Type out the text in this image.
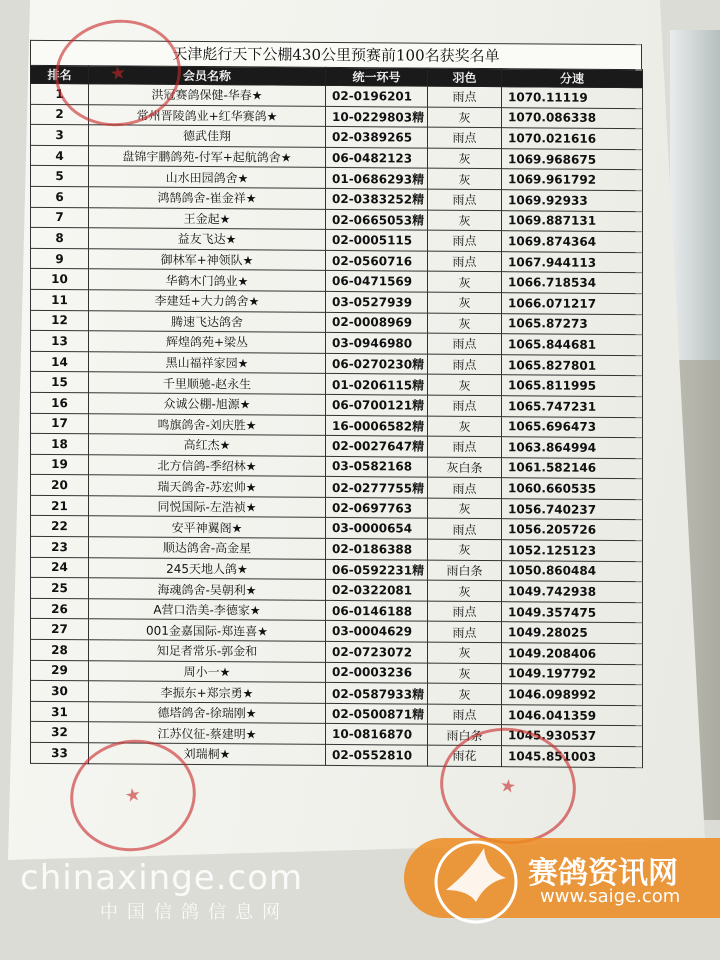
天津彪行天下公棚430公里预赛前100名获奖名单
排名	会员名称	统一环号	羽色	分速
1	洪冠赛鸽保健-华春★	02-0196201	雨点	1070.11119
2	常州晋陵鸽业+红华赛鸽★	10-0229803精	灰	1070.086338
3	德武佳翔	02-0389265	雨点	1070.021616
4	盘锦宇鹏鸽苑-付军+起航鸽舍★	06-0482123	灰	1069.968675
5	山水田园鸽舍★	01-0686293精	灰	1069.961792
6	鸿鹄鸽舍-崔金祥★	02-0383252精	雨点	1069.92933
7	王金起★	02-0665053精	灰	1069.887131
8	益友飞达★	02-0005115	雨点	1069.874364
9	御林军+神领队★	02-0560716	雨点	1067.944113
10	华鹤木门鸽业★	06-0471569	灰	1066.718534
11	李建廷+大力鸽舍★	03-0527939	灰	1066.071217
12	腾速飞达鸽舍	02-0008969	灰	1065.87273
13	辉煌鸽苑+梁丛	03-0946980	雨点	1065.844681
14	黑山福祥家园★	06-0270230精	雨点	1065.827801
15	千里顺驰-赵永生	01-0206115精	灰	1065.811995
16	众诚公棚-旭源★	06-0700121精	雨点	1065.747231
17	鸣旗鸽舍-刘庆胜★	16-0006582精	灰	1065.696473
18	高红杰★	02-0027647精	雨点	1063.864994
19	北方信鸽-季绍林★	03-0582168	灰白条	1061.582146
20	瑞天鸽舍-苏宏帅★	02-0277755精	雨点	1060.660535
21	同悦国际-左浩祯★	02-0697763	灰	1056.740237
22	安平神翼阁★	03-0000654	雨点	1056.205726
23	顺达鸽舍-高金星	02-0186388	灰	1052.125123
24	245天地人鸽★	06-0592231精	雨白条	1050.860484
25	海魂鸽舍-吴朝利★	02-0322081	灰	1049.742938
26	A营口浩美-李德家★	06-0146188	雨点	1049.357475
27	001金嘉国际-郑连喜★	03-0004629	雨点	1049.28025
28	知足者常乐-郭金和	02-0723072	灰	1049.208406
29	周小一★	02-0003236	灰	1049.197792
30	李振东+郑宗勇★	02-0587933精	灰	1046.098992
31	德塔鸽舍-徐瑞刚★	02-0500871精	雨点	1046.041359
32	江苏仪征-蔡建明★	10-0816870	雨白条	1045.930537
33	刘瑞桐★	02-0552810	雨花	1045.851003
★
★	★
chinaxinge.com
中国信鸽信息网
赛鸽资讯网
www.saige.com
